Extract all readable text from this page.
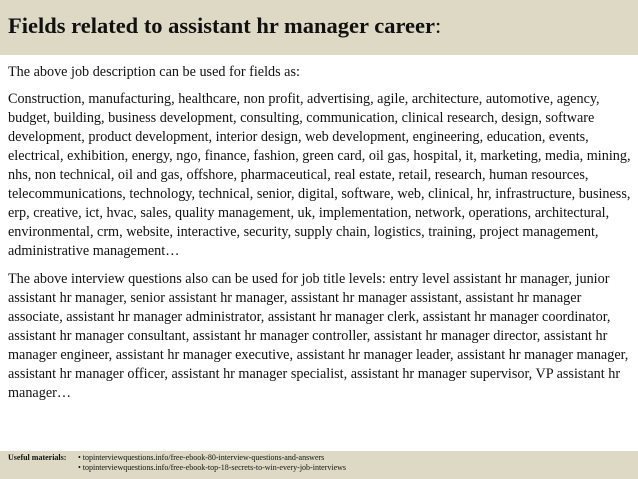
Fields related to assistant hr manager career:

The above job description can be used for fields as:

Construction, manufacturing, healthcare, non profit, advertising, agile, architecture, automotive, agency, budget, building, business development, consulting, communication, clinical research, design, software development, product development, interior design, web development, engineering, education, events, electrical, exhibition, energy, ngo, finance, fashion, green card, oil gas, hospital, it, marketing, media, mining, nhs, non technical, oil and gas, offshore, pharmaceutical, real estate, retail, research, human resources, telecommunications, technology, technical, senior, digital, software, web, clinical, hr, infrastructure, business, erp, creative, ict, hvac, sales, quality management, uk, implementation, network, operations, architectural, environmental, crm, website, interactive, security, supply chain, logistics, training, project management, administrative management…

The above interview questions also can be used for job title levels: entry level assistant hr manager, junior assistant hr manager, senior assistant hr manager, assistant hr manager assistant, assistant hr manager associate, assistant hr manager administrator, assistant hr manager clerk, assistant hr manager coordinator, assistant hr manager consultant, assistant hr manager controller, assistant hr manager director, assistant hr manager engineer, assistant hr manager executive, assistant hr manager leader, assistant hr manager manager, assistant hr manager officer, assistant hr manager specialist, assistant hr manager supervisor, VP assistant hr manager…

Useful materials:	• topinterviewquestions.info/free-ebook-80-interview-questions-and-answers
• topinterviewquestions.info/free-ebook-top-18-secrets-to-win-every-job-interviews
